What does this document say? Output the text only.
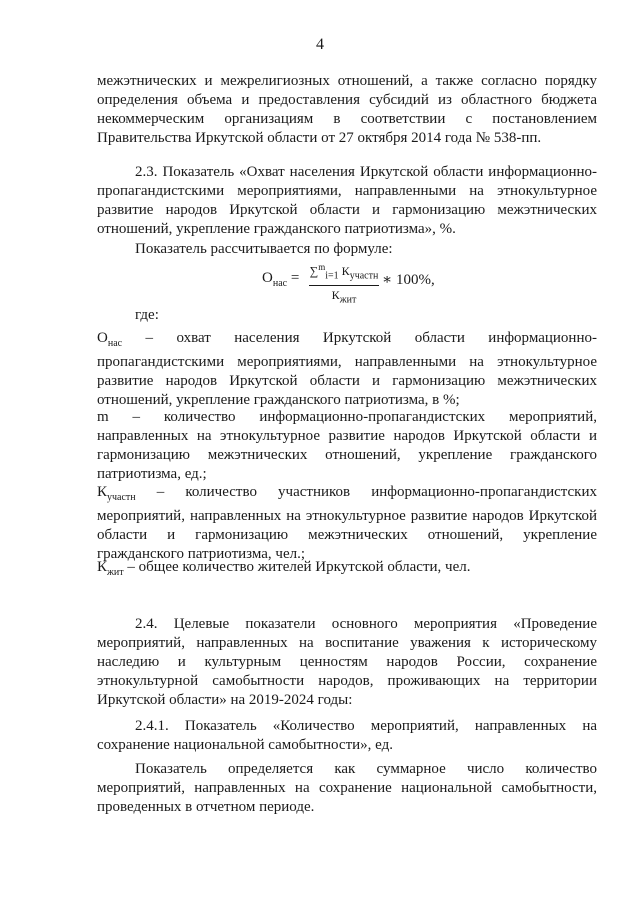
4

межэтнических и межрелигиозных отношений, а также согласно порядку определения объема и предоставления субсидий из областного бюджета некоммерческим организациям в соответствии с постановлением Правительства Иркутской области от 27 октября 2014 года № 538-пп.

2.3. Показатель «Охват населения Иркутской области информационно-пропагандистскими мероприятиями, направленными на этнокультурное развитие народов Иркутской области и гармонизацию межэтнических отношений, укрепление гражданского патриотизма», %.

Показатель рассчитывается по формуле:

$О_{нас} = \sum^m_{i=1}$ $К_{участн}$
$К_{жит}$
∗ 100%,

где:

$О_{нас}$ – охват населения Иркутской области информационно-пропагандистскими мероприятиями, направленными на этнокультурное развитие народов Иркутской области и гармонизацию межэтнических отношений, укрепление гражданского патриотизма, в %;

m – количество информационно-пропагандистских мероприятий, направленных на этнокультурное развитие народов Иркутской области и гармонизацию межэтнических отношений, укрепление гражданского патриотизма, ед.;

$К_{участн}$ – количество участников информационно-пропагандистских мероприятий, направленных на этнокультурное развитие народов Иркутской области и гармонизацию межэтнических отношений, укрепление гражданского патриотизма, чел.;

$К_{жит}$ – общее количество жителей Иркутской области, чел.

2.4. Целевые показатели основного мероприятия «Проведение мероприятий, направленных на воспитание уважения к историческому наследию и культурным ценностям народов России, сохранение этнокультурной самобытности народов, проживающих на территории Иркутской области» на 2019-2024 годы:

2.4.1. Показатель «Количество мероприятий, направленных на сохранение национальной самобытности», ед.

Показатель определяется как суммарное число количество мероприятий, направленных на сохранение национальной самобытности, проведенных в отчетном периоде.
